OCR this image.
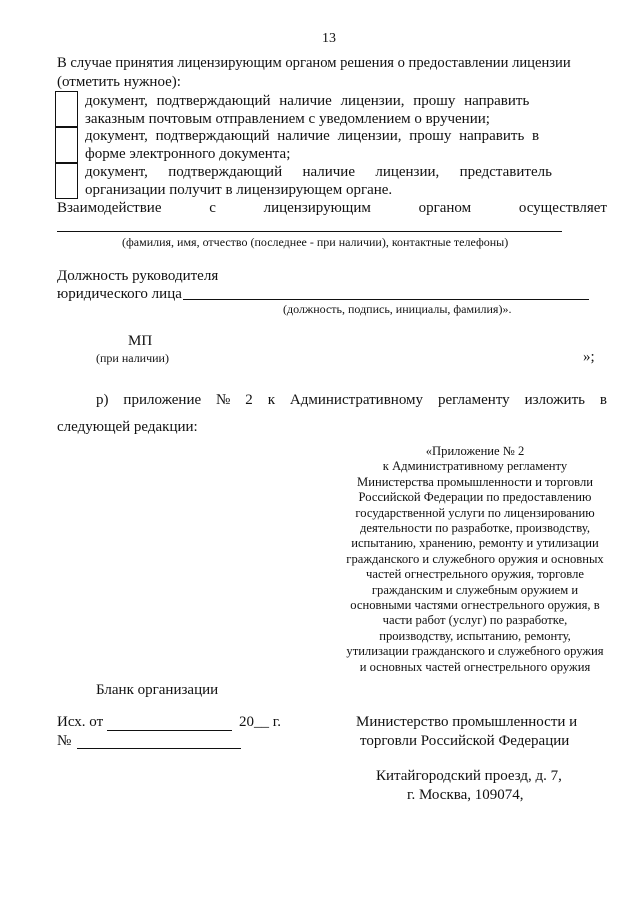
13
В случае принятия лицензирующим органом решения о предоставлении лицензии
(отметить нужное):
документ, подтверждающий наличие лицензии, прошу направить
заказным почтовым отправлением с уведомлением о вручении;
документ, подтверждающий наличие лицензии, прошу направить в
форме электронного документа;
документ, подтверждающий наличие лицензии, представитель
организации получит в лицензирующем органе.
Взаимодействие	с	лицензирующим	органом	осуществляет
(фамилия, имя, отчество (последнее - при наличии), контактные телефоны)
Должность руководителя
юридического лица
(должность, подпись, инициалы, фамилия)».
МП
(при наличии)	»;
р) приложение № 2 к Административному регламенту изложить в
следующей редакции:
«Приложение № 2
к Административному регламенту
Министерства промышленности и торговли
Российской Федерации по предоставлению
государственной услуги по лицензированию
деятельности по разработке, производству,
испытанию, хранению, ремонту и утилизации
гражданского и служебного оружия и основных
частей огнестрельного оружия, торговле
гражданским и служебным оружием и
основными частями огнестрельного оружия, в
части работ (услуг) по разработке,
производству, испытанию, ремонту,
утилизации гражданского и служебного оружия
и основных частей огнестрельного оружия
Бланк организации
Исх. от	20__ г.
№
Министерство промышленности и
торговли Российской Федерации
Китайгородский проезд, д. 7,
г. Москва, 109074,
